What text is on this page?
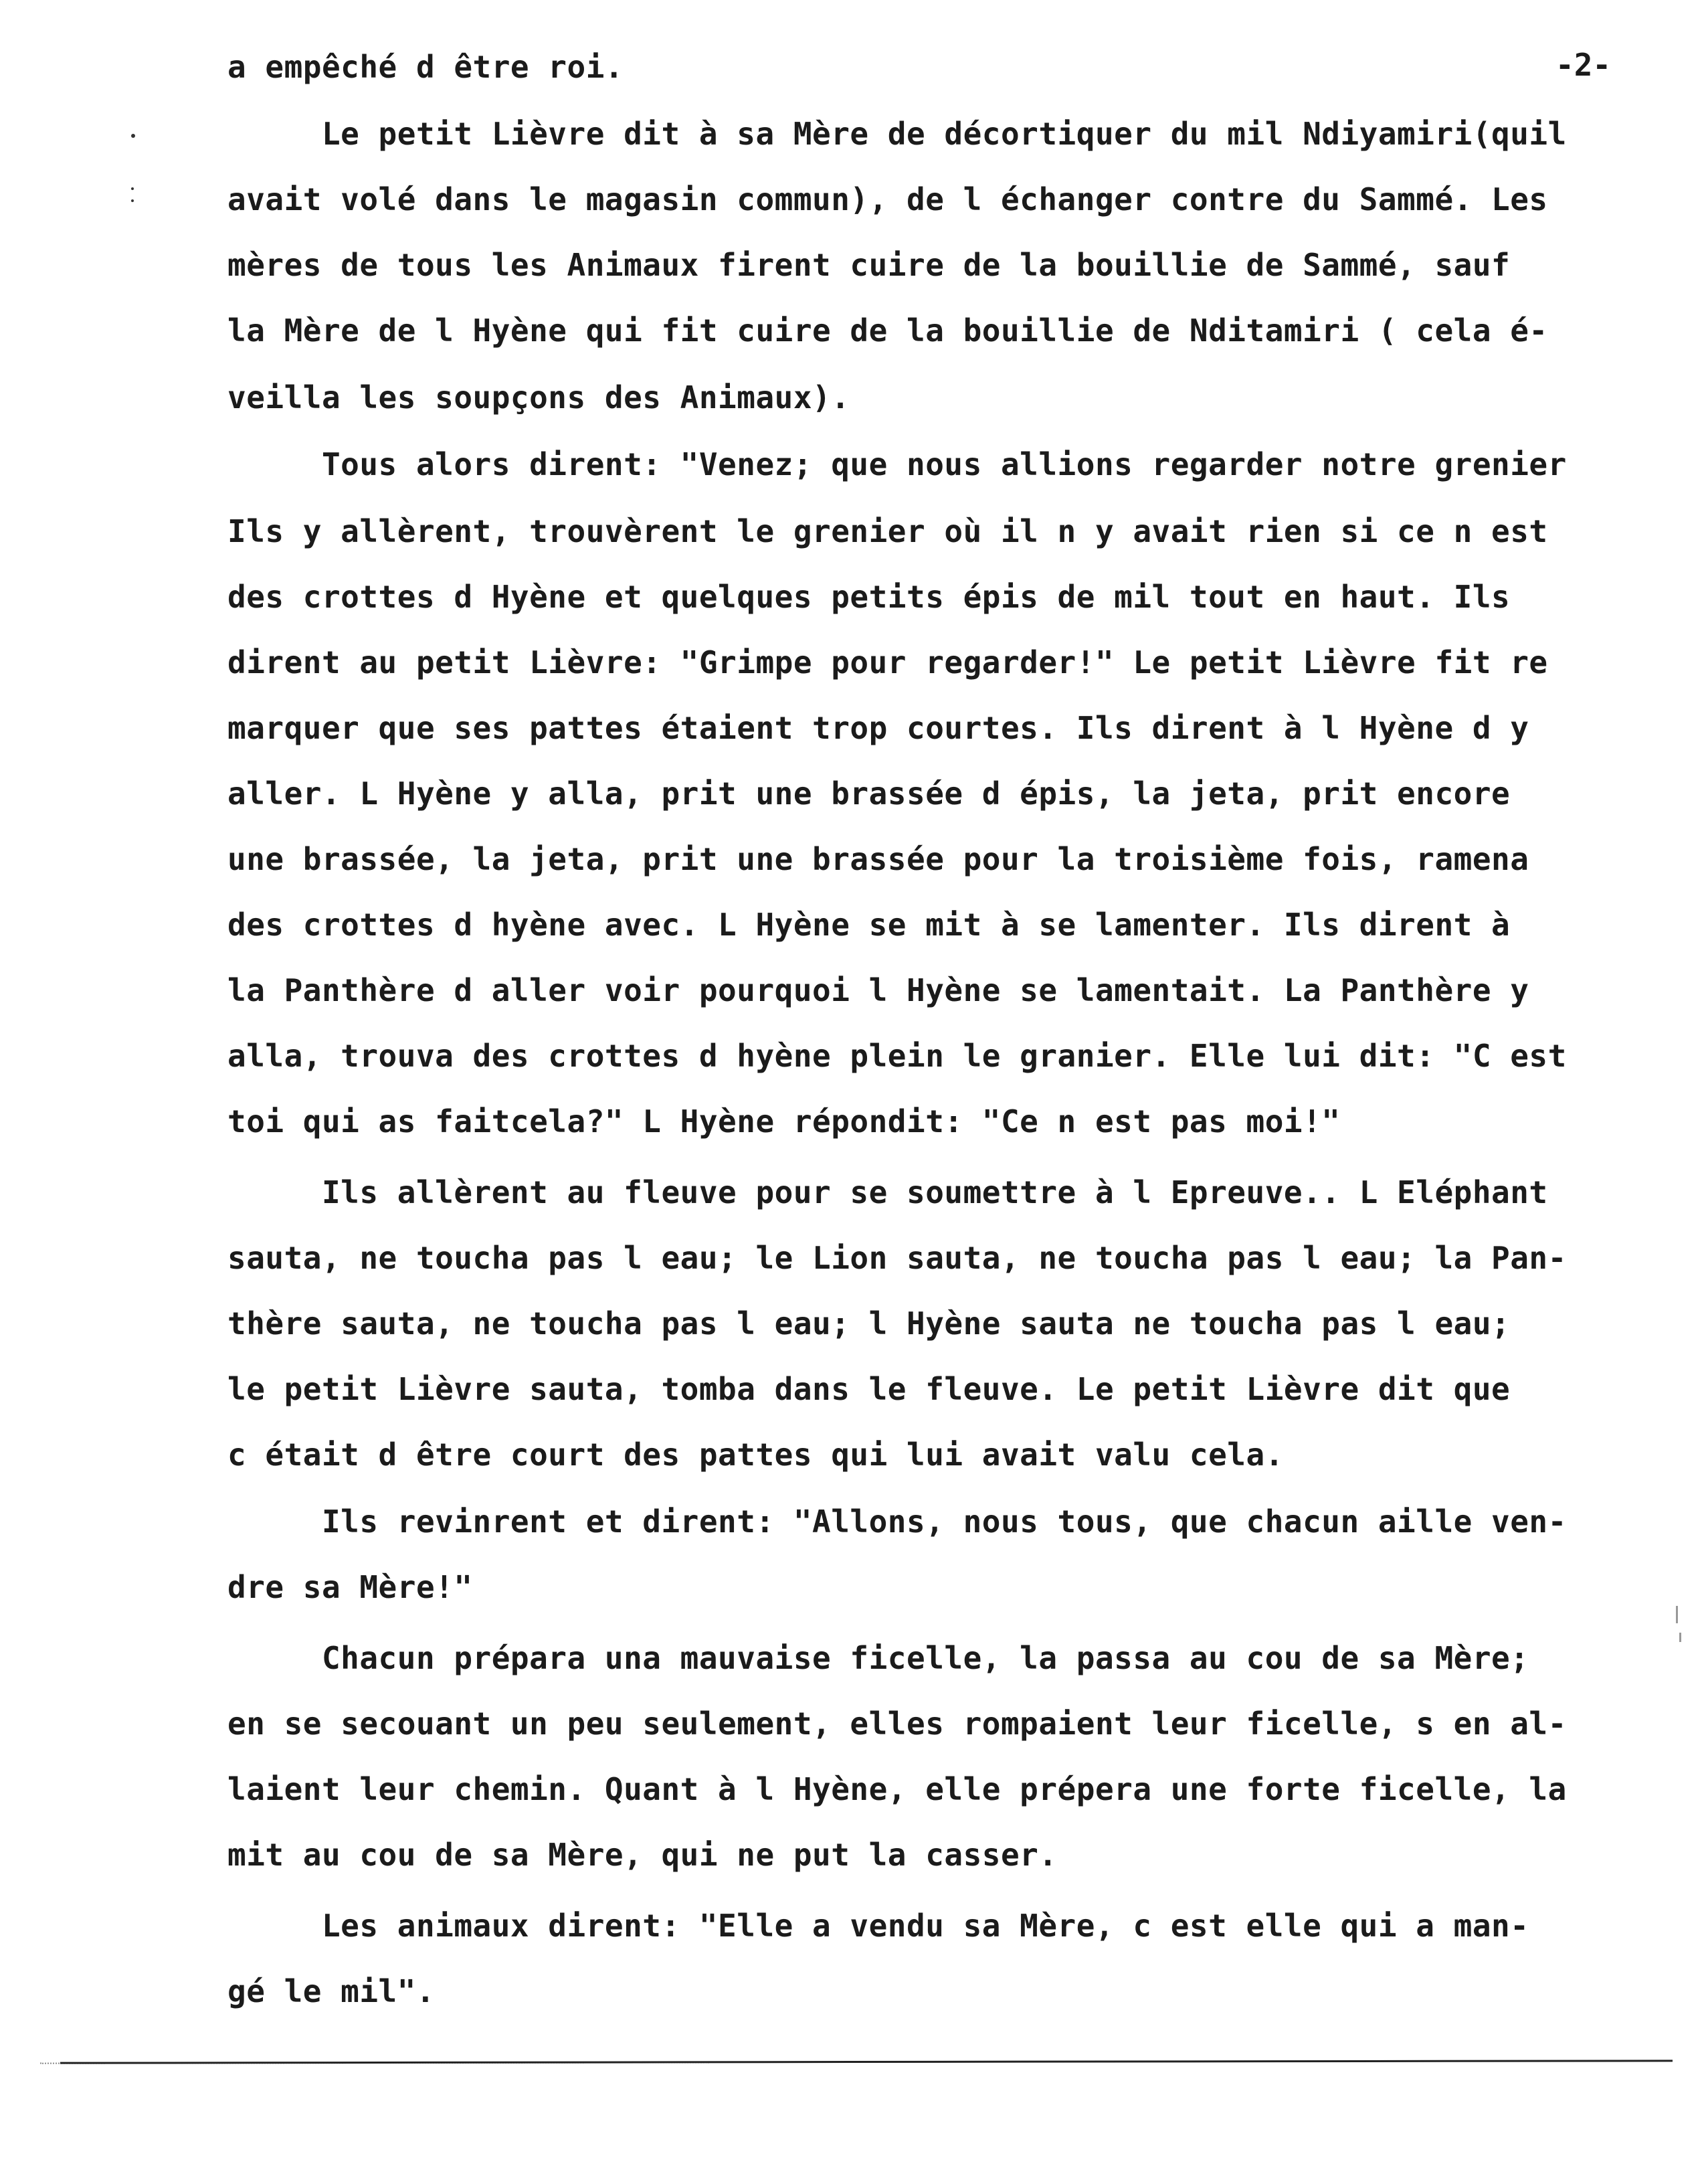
-2-
a empêché d être roi.
Le petit Lièvre dit à sa Mère de décortiquer du mil Ndiyamiri(quil
avait volé dans le magasin commun), de l échanger contre du Sammé. Les
mères de tous les Animaux firent cuire de la bouillie de Sammé, sauf
la Mère de l Hyène qui fit cuire de la bouillie de Nditamiri ( cela é-
veilla les soupçons des Animaux).
Tous alors dirent: "Venez; que nous allions regarder notre grenier
Ils y allèrent, trouvèrent le grenier où il n y avait rien si ce n est
des crottes d Hyène et quelques petits épis de mil tout en haut. Ils
dirent au petit Lièvre: "Grimpe pour regarder!" Le petit Lièvre fit re
marquer que ses pattes étaient trop courtes. Ils dirent à l Hyène d y
aller. L Hyène y alla, prit une brassée d épis, la jeta, prit encore
une brassée, la jeta, prit une brassée pour la troisième fois, ramena
des crottes d hyène avec. L Hyène se mit à se lamenter. Ils dirent à
la Panthère d aller voir pourquoi l Hyène se lamentait. La Panthère y
alla, trouva des crottes d hyène plein le granier. Elle lui dit: "C est
toi qui as faitcela?" L Hyène répondit: "Ce n est pas moi!"
Ils allèrent au fleuve pour se soumettre à l Epreuve.. L Eléphant
sauta, ne toucha pas l eau; le Lion sauta, ne toucha pas l eau; la Pan-
thère sauta, ne toucha pas l eau; l Hyène sauta ne toucha pas l eau;
le petit Lièvre sauta, tomba dans le fleuve. Le petit Lièvre dit que
c était d être court des pattes qui lui avait valu cela.
Ils revinrent et dirent: "Allons, nous tous, que chacun aille ven-
dre sa Mère!"
Chacun prépara una mauvaise ficelle, la passa au cou de sa Mère;
en se secouant un peu seulement, elles rompaient leur ficelle, s en al-
laient leur chemin. Quant à l Hyène, elle prépera une forte ficelle, la
mit au cou de sa Mère, qui ne put la casser.
Les animaux dirent: "Elle a vendu sa Mère, c est elle qui a man-
gé le mil".
